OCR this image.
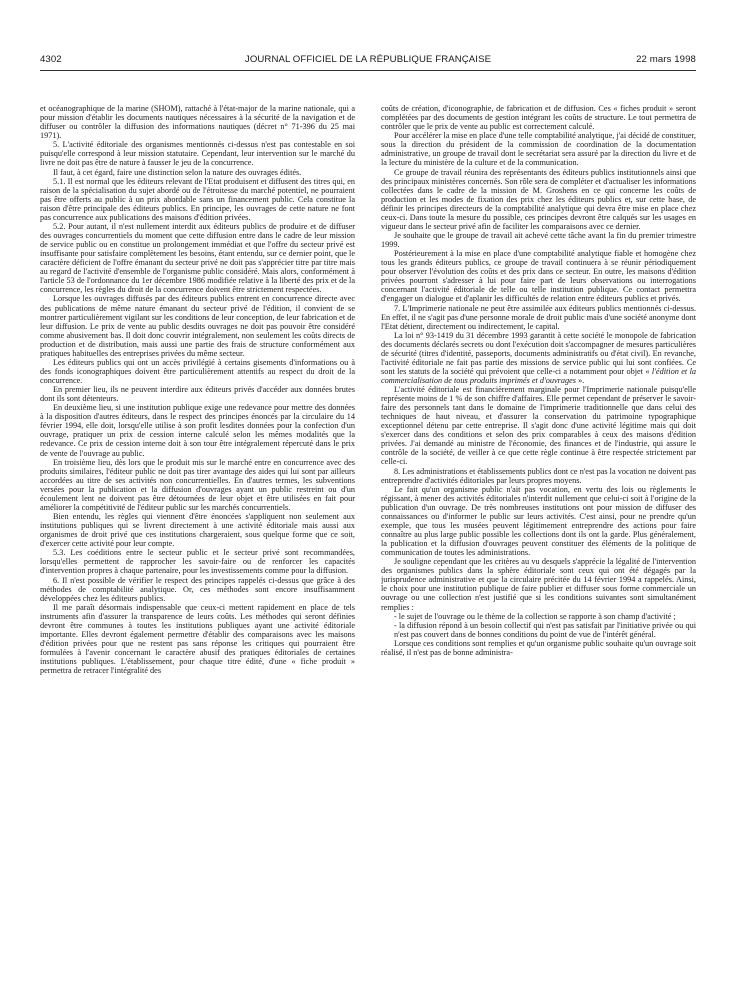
4302	JOURNAL OFFICIEL DE LA RÉPUBLIQUE FRANÇAISE	22 mars 1998

et océanographique de la marine (SHOM), rattaché à l'état-major de la marine nationale, qui a pour mission d'établir les documents nautiques nécessaires à la sécurité de la navigation et de diffuser ou contrôler la diffusion des informations nautiques (décret n° 71-396 du 25 mai 1971).

5. L'activité éditoriale des organismes mentionnés ci-dessus n'est pas contestable en soi puisqu'elle correspond à leur mission statutaire. Cependant, leur intervention sur le marché du livre ne doit pas être de nature à fausser le jeu de la concurrence.

Il faut, à cet égard, faire une distinction selon la nature des ouvrages édités.

5.1. Il est normal que les éditeurs relevant de l'Etat produisent et diffusent des titres qui, en raison de la spécialisation du sujet abordé ou de l'étroitesse du marché potentiel, ne pourraient pas être offerts au public à un prix abordable sans un financement public. Cela constitue la raison d'être principale des éditeurs publics. En principe, les ouvrages de cette nature ne font pas concurrence aux publications des maisons d'édition privées.

5.2. Pour autant, il n'est nullement interdit aux éditeurs publics de produire et de diffuser des ouvrages concurrentiels du moment que cette diffusion entre dans le cadre de leur mission de service public ou en constitue un prolongement immédiat et que l'offre du secteur privé est insuffisante pour satisfaire complètement les besoins, étant entendu, sur ce dernier point, que le caractère déficient de l'offre émanant du secteur privé ne doit pas s'apprécier titre par titre mais au regard de l'activité d'ensemble de l'organisme public considéré. Mais alors, conformément à l'article 53 de l'ordonnance du 1er décembre 1986 modifiée relative à la liberté des prix et de la concurrence, les règles du droit de la concurrence doivent être strictement respectées.

Lorsque les ouvrages diffusés par des éditeurs publics entrent en concurrence directe avec des publications de même nature émanant du secteur privé de l'édition, il convient de se montrer particulièrement vigilant sur les conditions de leur conception, de leur fabrication et de leur diffusion. Le prix de vente au public desdits ouvrages ne doit pas pouvoir être considéré comme abusivement bas. Il doit donc couvrir intégralement, non seulement les coûts directs de production et de distribution, mais aussi une partie des frais de structure conformément aux pratiques habituelles des entreprises privées du même secteur.

Les éditeurs publics qui ont un accès privilégié à certains gisements d'informations ou à des fonds iconographiques doivent être particulièrement attentifs au respect du droit de la concurrence.

En premier lieu, ils ne peuvent interdire aux éditeurs privés d'accéder aux données brutes dont ils sont détenteurs.

En deuxième lieu, si une institution publique exige une redevance pour mettre des données à la disposition d'autres éditeurs, dans le respect des principes énoncés par la circulaire du 14 février 1994, elle doit, lorsqu'elle utilise à son profit lesdites données pour la confection d'un ouvrage, pratiquer un prix de cession interne calculé selon les mêmes modalités que la redevance. Ce prix de cession interne doit à son tour être intégralement répercuté dans le prix de vente de l'ouvrage au public.

En troisième lieu, dès lors que le produit mis sur le marché entre en concurrence avec des produits similaires, l'éditeur public ne doit pas tirer avantage des aides qui lui sont par ailleurs accordées au titre de ses activités non concurrentielles. En d'autres termes, les subventions versées pour la publication et la diffusion d'ouvrages ayant un public restreint ou d'un écoulement lent ne doivent pas être détournées de leur objet et être utilisées en fait pour améliorer la compétitivité de l'éditeur public sur les marchés concurrentiels.

Bien entendu, les règles qui viennent d'être énoncées s'appliquent non seulement aux institutions publiques qui se livrent directement à une activité éditoriale mais aussi aux organismes de droit privé que ces institutions chargeraient, sous quelque forme que ce soit, d'exercer cette activité pour leur compte.

5.3. Les coéditions entre le secteur public et le secteur privé sont recommandées, lorsqu'elles permettent de rapprocher les savoir-faire ou de renforcer les capacités d'intervention propres à chaque partenaire, pour les investissements comme pour la diffusion.

6. Il n'est possible de vérifier le respect des principes rappelés ci-dessus que grâce à des méthodes de comptabilité analytique. Or, ces méthodes sont encore insuffisamment développées chez les éditeurs publics.

Il me paraît désormais indispensable que ceux-ci mettent rapidement en place de tels instruments afin d'assurer la transparence de leurs coûts. Les méthodes qui seront définies devront être communes à toutes les institutions publiques ayant une activité éditoriale importante. Elles devront également permettre d'établir des comparaisons avec les maisons d'édition privées pour que ne restent pas sans réponse les critiques qui pourraient être formulées à l'avenir concernant le caractère abusif des pratiques éditoriales de certaines institutions publiques. L'établissement, pour chaque titre édité, d'une « fiche produit » permettra de retracer l'intégralité des

coûts de création, d'iconographie, de fabrication et de diffusion. Ces « fiches produit » seront complétées par des documents de gestion intégrant les coûts de structure. Le tout permettra de contrôler que le prix de vente au public est correctement calculé.

Pour accélérer la mise en place d'une telle comptabilité analytique, j'ai décidé de constituer, sous la direction du président de la commission de coordination de la documentation administrative, un groupe de travail dont le secrétariat sera assuré par la direction du livre et de la lecture du ministère de la culture et de la communication.

Ce groupe de travail réunira des représentants des éditeurs publics institutionnels ainsi que des principaux ministères concernés. Son rôle sera de compléter et d'actualiser les informations collectées dans le cadre de la mission de M. Groshens en ce qui concerne les coûts de production et les modes de fixation des prix chez les éditeurs publics et, sur cette base, de définir les principes directeurs de la comptabilité analytique qui devra être mise en place chez ceux-ci. Dans toute la mesure du possible, ces principes devront être calqués sur les usages en vigueur dans le secteur privé afin de faciliter les comparaisons avec ce dernier.

Je souhaite que le groupe de travail ait achevé cette tâche avant la fin du premier trimestre 1999.

Postérieurement à la mise en place d'une comptabilité analytique fiable et homogène chez tous les grands éditeurs publics, ce groupe de travail continuera à se réunir périodiquement pour observer l'évolution des coûts et des prix dans ce secteur. En outre, les maisons d'édition privées pourront s'adresser à lui pour faire part de leurs observations ou interrogations concernant l'activité éditoriale de telle ou telle institution publique. Ce contact permettra d'engager un dialogue et d'aplanir les difficultés de relation entre éditeurs publics et privés.

7. L'Imprimerie nationale ne peut être assimilée aux éditeurs publics mentionnés ci-dessus. En effet, il ne s'agit pas d'une personne morale de droit public mais d'une société anonyme dont l'Etat détient, directement ou indirectement, le capital.

La loi n° 93-1419 du 31 décembre 1993 garantit à cette société le monopole de fabrication des documents déclarés secrets ou dont l'exécution doit s'accompagner de mesures particulières de sécurité (titres d'identité, passeports, documents administratifs ou d'état civil). En revanche, l'activité éditoriale ne fait pas partie des missions de service public qui lui sont confiées. Ce sont les statuts de la société qui prévoient que celle-ci a notamment pour objet « l'édition et la commercialisation de tous produits imprimés et d'ouvrages ».

L'activité éditoriale est financièrement marginale pour l'Imprimerie nationale puisqu'elle représente moins de 1 % de son chiffre d'affaires. Elle permet cependant de préserver le savoir-faire des personnels tant dans le domaine de l'imprimerie traditionnelle que dans celui des techniques de haut niveau, et d'assurer la conservation du patrimoine typographique exceptionnel détenu par cette entreprise. Il s'agit donc d'une activité légitime mais qui doit s'exercer dans des conditions et selon des prix comparables à ceux des maisons d'édition privées. J'ai demandé au ministre de l'économie, des finances et de l'industrie, qui assure le contrôle de la société, de veiller à ce que cette règle continue à être respectée strictement par celle-ci.

8. Les administrations et établissements publics dont ce n'est pas la vocation ne doivent pas entreprendre d'activités éditoriales par leurs propres moyens.

Le fait qu'un organisme public n'ait pas vocation, en vertu des lois ou règlements le régissant, à mener des activités éditoriales n'interdit nullement que celui-ci soit à l'origine de la publication d'un ouvrage. De très nombreuses institutions ont pour mission de diffuser des connaissances ou d'informer le public sur leurs activités. C'est ainsi, pour ne prendre qu'un exemple, que tous les musées peuvent légitimement entreprendre des actions pour faire connaître au plus large public possible les collections dont ils ont la garde. Plus généralement, la publication et la diffusion d'ouvrages peuvent constituer des éléments de la politique de communication de toutes les administrations.

Je souligne cependant que les critères au vu desquels s'apprécie la légalité de l'intervention des organismes publics dans la sphère éditoriale sont ceux qui ont été dégagés par la jurisprudence administrative et que la circulaire précitée du 14 février 1994 a rappelés. Ainsi, le choix pour une institution publique de faire publier et diffuser sous forme commerciale un ouvrage ou une collection n'est justifié que si les conditions suivantes sont simultanément remplies :

- le sujet de l'ouvrage ou le thème de la collection se rapporte à son champ d'activité ;

- la diffusion répond à un besoin collectif qui n'est pas satisfait par l'initiative privée ou qui n'est pas couvert dans de bonnes conditions du point de vue de l'intérêt général.

Lorsque ces conditions sont remplies et qu'un organisme public souhaite qu'un ouvrage soit réalisé, il n'est pas de bonne administra-
